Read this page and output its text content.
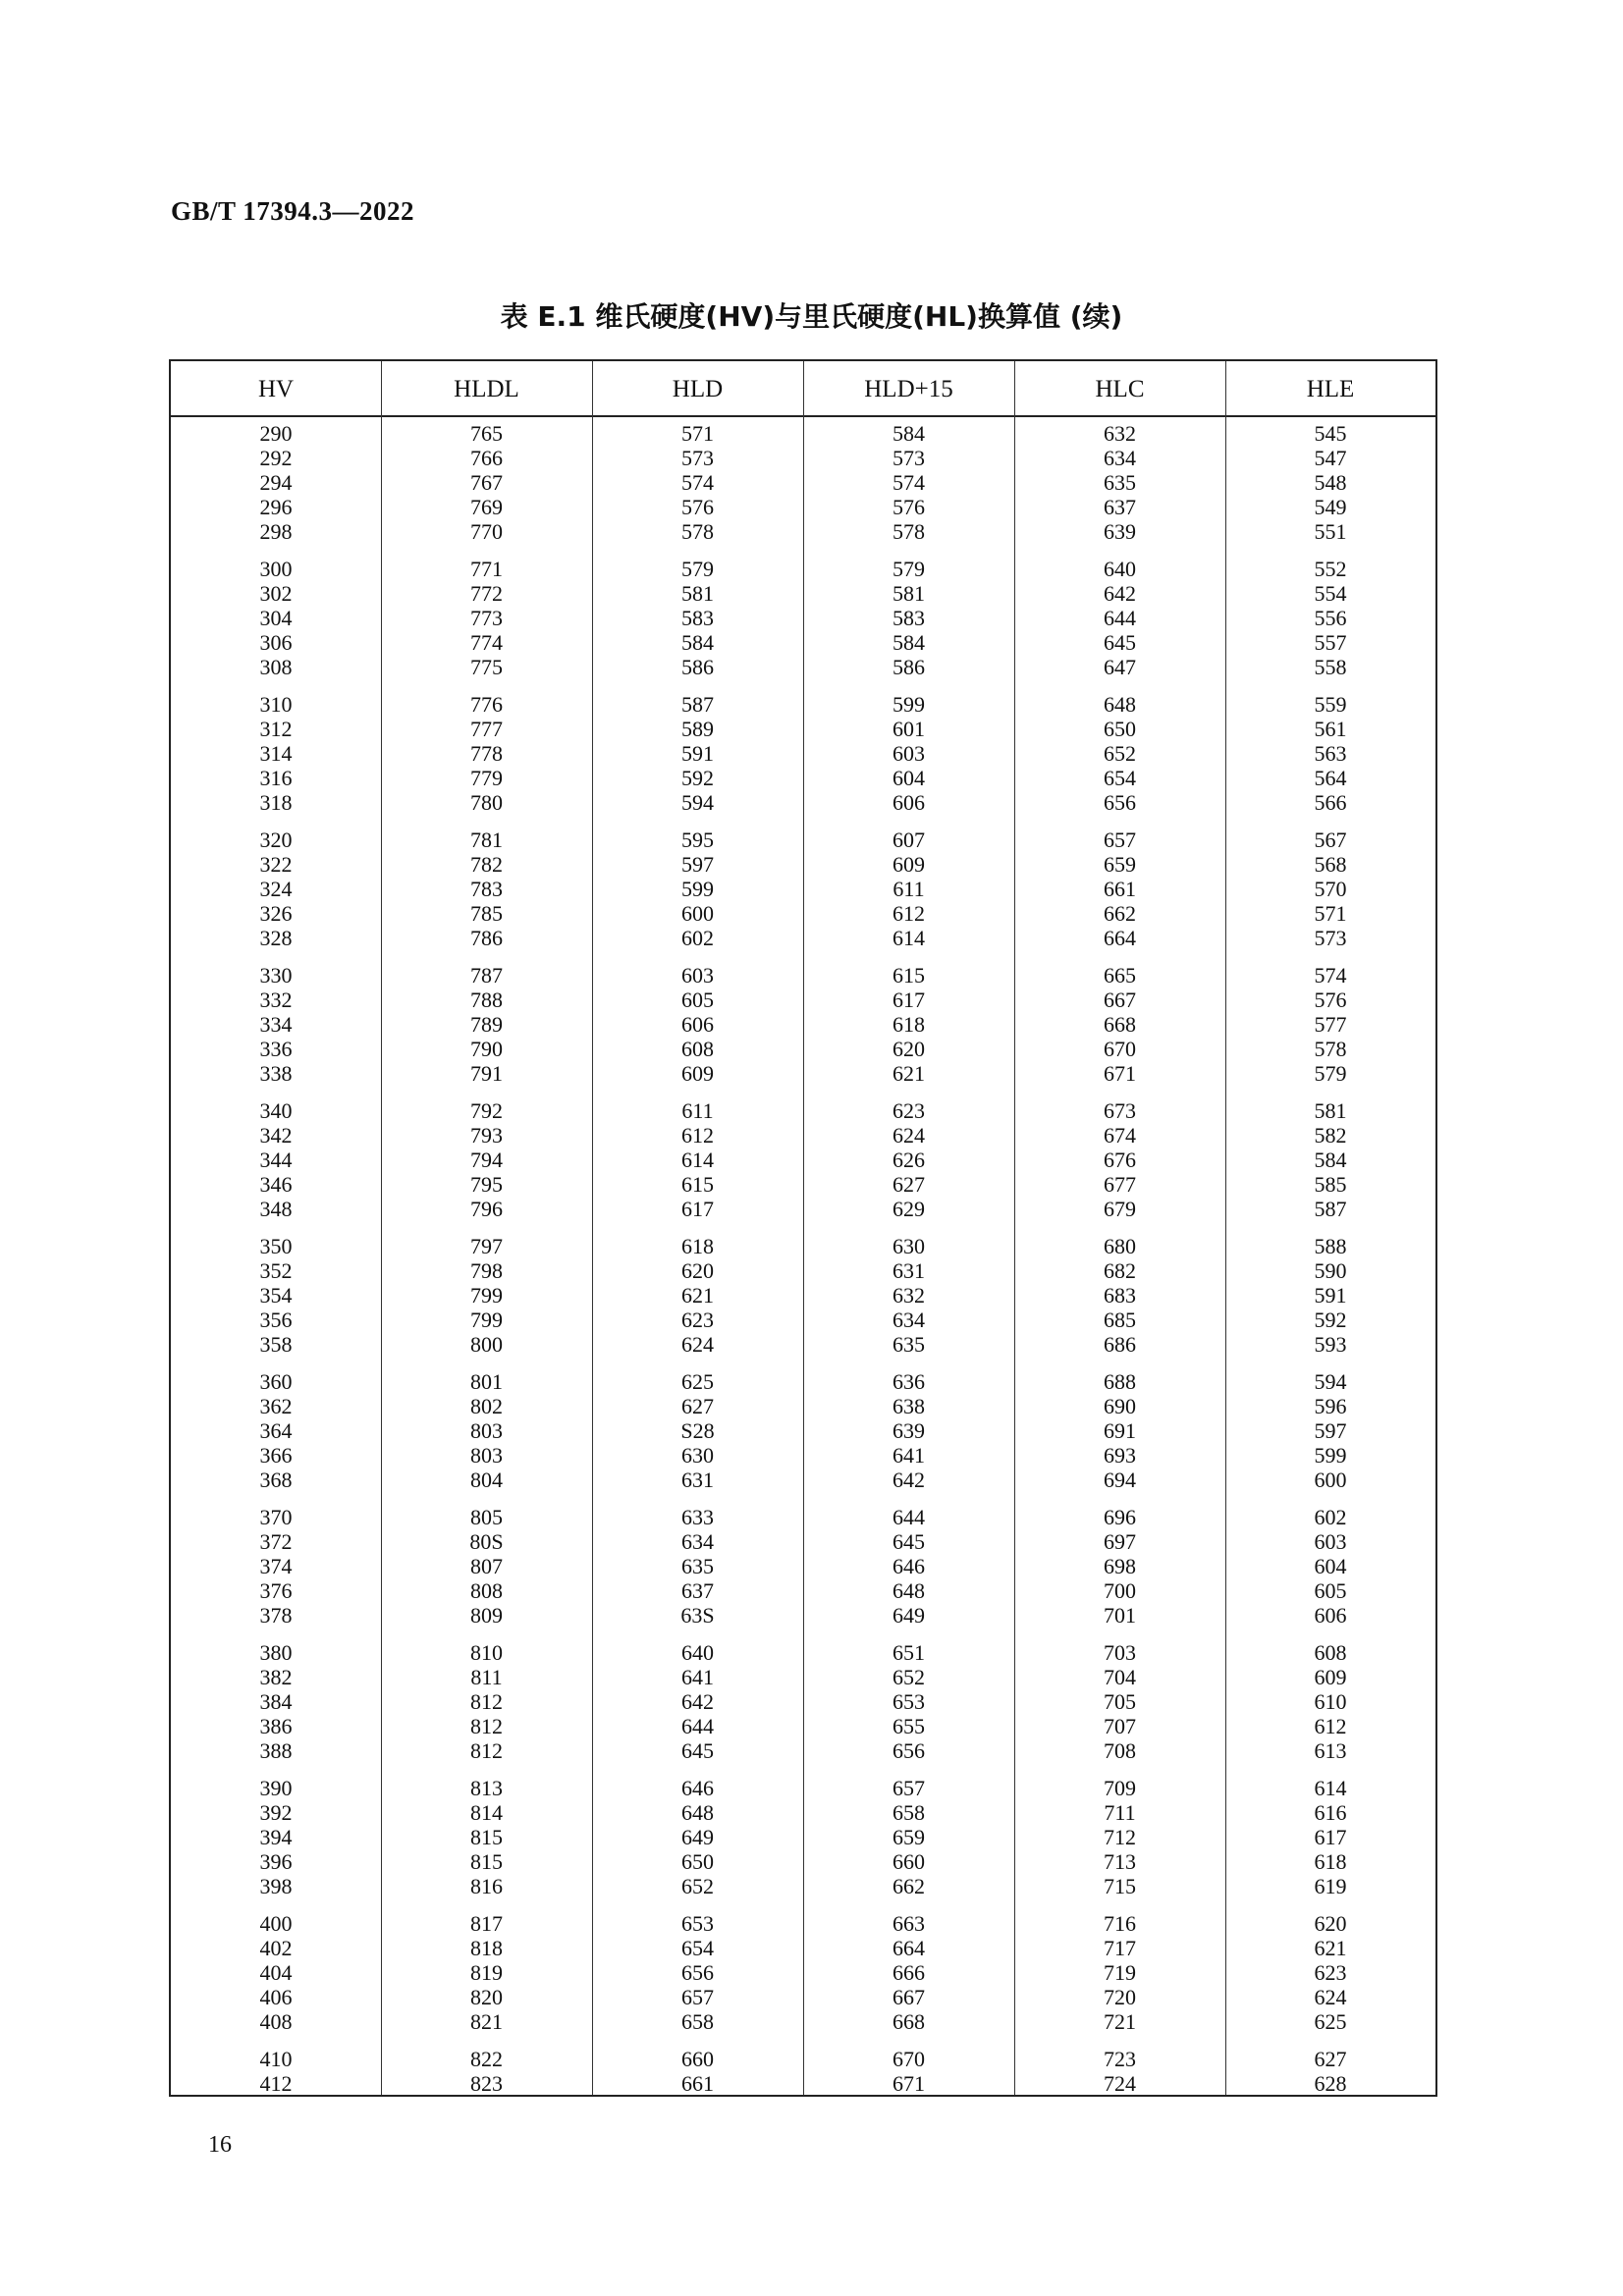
GB/T 17394.3—2022
表 E.1 维氏硬度(HV)与里氏硬度(HL)换算值 (续)
HV	HLDL	HLD	HLD+15	HLC	HLE
290	765	571	584	632	545
292	766	573	573	634	547
294	767	574	574	635	548
296	769	576	576	637	549
298	770	578	578	639	551
300	771	579	579	640	552
302	772	581	581	642	554
304	773	583	583	644	556
306	774	584	584	645	557
308	775	586	586	647	558
310	776	587	599	648	559
312	777	589	601	650	561
314	778	591	603	652	563
316	779	592	604	654	564
318	780	594	606	656	566
320	781	595	607	657	567
322	782	597	609	659	568
324	783	599	611	661	570
326	785	600	612	662	571
328	786	602	614	664	573
330	787	603	615	665	574
332	788	605	617	667	576
334	789	606	618	668	577
336	790	608	620	670	578
338	791	609	621	671	579
340	792	611	623	673	581
342	793	612	624	674	582
344	794	614	626	676	584
346	795	615	627	677	585
348	796	617	629	679	587
350	797	618	630	680	588
352	798	620	631	682	590
354	799	621	632	683	591
356	799	623	634	685	592
358	800	624	635	686	593
360	801	625	636	688	594
362	802	627	638	690	596
364	803	S28	639	691	597
366	803	630	641	693	599
368	804	631	642	694	600
370	805	633	644	696	602
372	80S	634	645	697	603
374	807	635	646	698	604
376	808	637	648	700	605
378	809	63S	649	701	606
380	810	640	651	703	608
382	811	641	652	704	609
384	812	642	653	705	610
386	812	644	655	707	612
388	812	645	656	708	613
390	813	646	657	709	614
392	814	648	658	711	616
394	815	649	659	712	617
396	815	650	660	713	618
398	816	652	662	715	619
400	817	653	663	716	620
402	818	654	664	717	621
404	819	656	666	719	623
406	820	657	667	720	624
408	821	658	668	721	625
410	822	660	670	723	627
412	823	661	671	724	628
16
